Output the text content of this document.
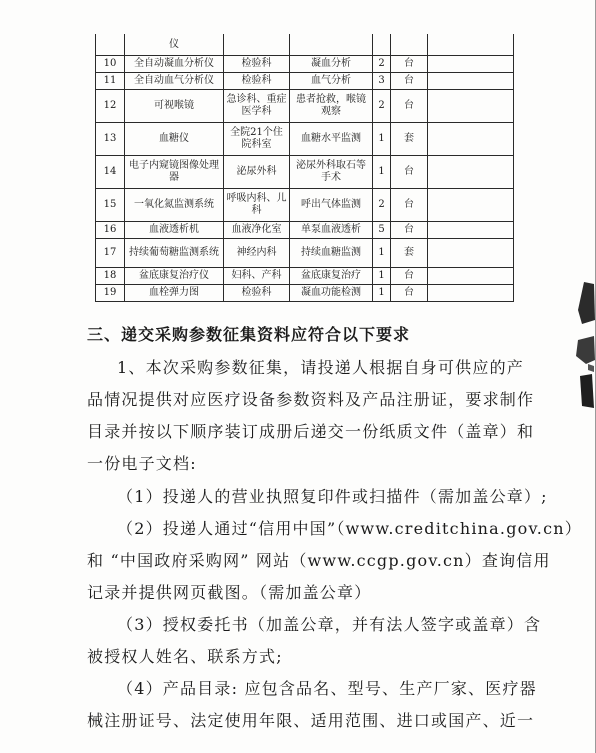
	仪					
10	全自动凝血分析仪	检验科	凝血分析	2	台	
11	全自动血气分析仪	检验科	血气分析	3	台	
12	可视喉镜	急诊科、重症医学科	患者抢救，喉镜观察	2	台	
13	血糖仪	全院21个住院科室	血糖水平监测	1	套	
14	电子内窥镜图像处理器	泌尿外科	泌尿外科取石等手术	1	台	
15	一氧化氮监测系统	呼吸内科、儿科	呼出气体监测	2	台	
16	血液透析机	血液净化室	单泵血液透析	5	台	
17	持续葡萄糖监测系统	神经内科	持续血糖监测	1	套	
18	盆底康复治疗仪	妇科、产科	盆底康复治疗	1	台	
19	血栓弹力图	检验科	凝血功能检测	1	台	
三、递交采购参数征集资料应符合以下要求
1、本次采购参数征集，请投递人根据自身可供应的产
品情况提供对应医疗设备参数资料及产品注册证，要求制作
目录并按以下顺序装订成册后递交一份纸质文件（盖章）和
一份电子文档:
（1）投递人的营业执照复印件或扫描件（需加盖公章）;
（2）投递人通过“信用中国”（www.creditchina.gov.cn）
和 “中国政府采购网” 网站（www.ccgp.gov.cn）查询信用
记录并提供网页截图。（需加盖公章）
（3）授权委托书（加盖公章，并有法人签字或盖章）含
被授权人姓名、联系方式;
（4）产品目录: 应包含品名、型号、生产厂家、医疗器
械注册证号、法定使用年限、适用范围、进口或国产、近一
